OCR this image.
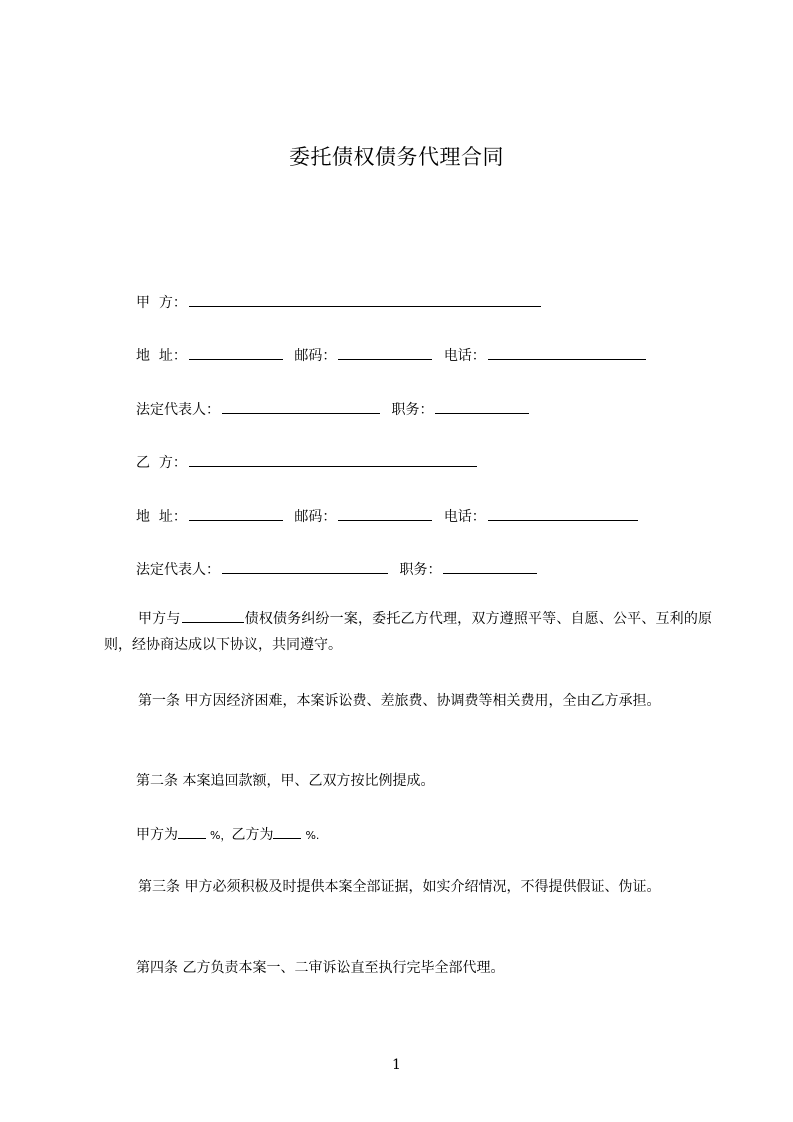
委托债权债务代理合同
甲  方：
地  址：	邮码：	电话：
法定代表人：	职务：
乙  方：
地  址：	邮码：	电话：
法定代表人：	职务：
甲方与	债权债务纠纷一案，委托乙方代理，双方遵照平等、自愿、公平、互利的原则，经协商达成以下协议，共同遵守。
第一条 甲方因经济困难，本案诉讼费、差旅费、协调费等相关费用，全由乙方承担。
第二条 本案追回款额，甲、乙双方按比例提成。
甲方为	%，乙方为	%.
第三条 甲方必须积极及时提供本案全部证据，如实介绍情况，不得提供假证、伪证。
第四条 乙方负责本案一、二审诉讼直至执行完毕全部代理。
1
